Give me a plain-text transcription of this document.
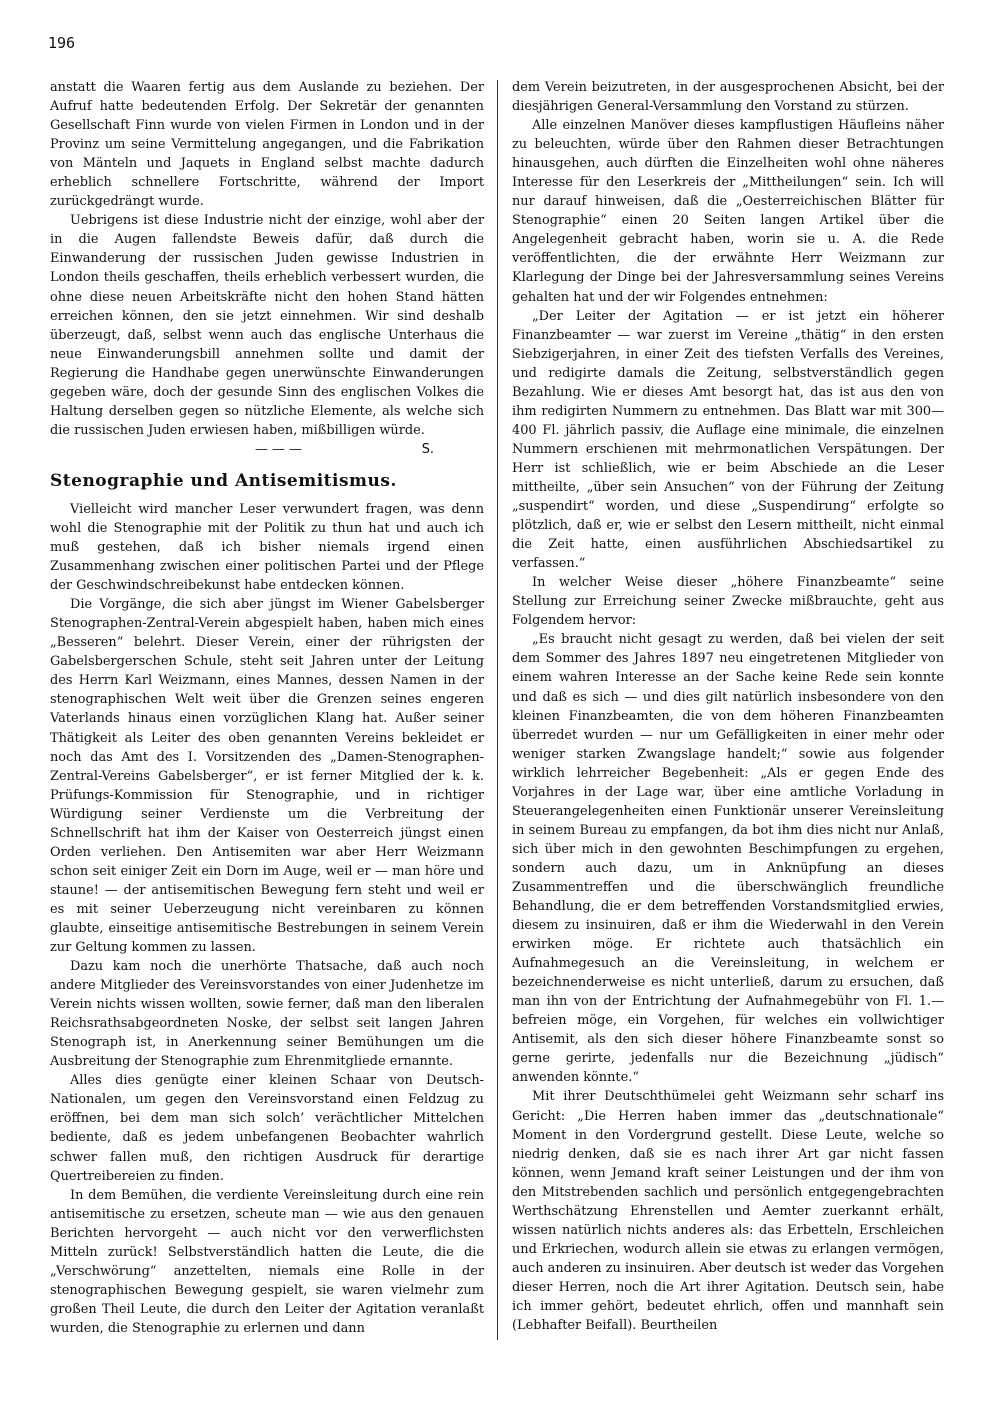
196

anstatt die Waaren fertig aus dem Auslande zu beziehen. Der Aufruf hatte bedeutenden Erfolg. Der Sekretär der genannten Gesellschaft Finn wurde von vielen Firmen in London und in der Provinz um seine Vermittelung angegangen, und die Fabrikation von Mänteln und Jaquets in England selbst machte dadurch erheblich schnellere Fortschritte, während der Import zurückgedrängt wurde.

Uebrigens ist diese Industrie nicht der einzige, wohl aber der in die Augen fallendste Beweis dafür, daß durch die Einwanderung der russischen Juden gewisse Industrien in London theils geschaffen, theils erheblich verbessert wurden, die ohne diese neuen Arbeitskräfte nicht den hohen Stand hätten erreichen können, den sie jetzt einnehmen. Wir sind deshalb überzeugt, daß, selbst wenn auch das englische Unterhaus die neue Einwanderungsbill annehmen sollte und damit der Regierung die Handhabe gegen unerwünschte Einwanderungen gegeben wäre, doch der gesunde Sinn des englischen Volkes die Haltung derselben gegen so nützliche Elemente, als welche sich die russischen Juden erwiesen haben, mißbilligen würde.

— — —	S.
Stenographie und Antisemitismus.

Vielleicht wird mancher Leser verwundert fragen, was denn wohl die Stenographie mit der Politik zu thun hat und auch ich muß gestehen, daß ich bisher niemals irgend einen Zusammenhang zwischen einer politischen Partei und der Pflege der Geschwindschreibekunst habe entdecken können.

Die Vorgänge, die sich aber jüngst im Wiener Gabelsberger Stenographen-Zentral-Verein abgespielt haben, haben mich eines „Besseren“ belehrt. Dieser Verein, einer der rührigsten der Gabelsbergerschen Schule, steht seit Jahren unter der Leitung des Herrn Karl Weizmann, eines Mannes, dessen Namen in der stenographischen Welt weit über die Grenzen seines engeren Vaterlands hinaus einen vorzüglichen Klang hat. Außer seiner Thätigkeit als Leiter des oben genannten Vereins bekleidet er noch das Amt des I. Vorsitzenden des „Damen-Stenographen-Zentral-Vereins Gabelsberger“, er ist ferner Mitglied der k. k. Prüfungs-Kommission für Stenographie, und in richtiger Würdigung seiner Verdienste um die Verbreitung der Schnellschrift hat ihm der Kaiser von Oesterreich jüngst einen Orden verliehen. Den Antisemiten war aber Herr Weizmann schon seit einiger Zeit ein Dorn im Auge, weil er — man höre und staune! — der antisemitischen Bewegung fern steht und weil er es mit seiner Ueberzeugung nicht vereinbaren zu können glaubte, einseitige antisemitische Bestrebungen in seinem Verein zur Geltung kommen zu lassen.

Dazu kam noch die unerhörte Thatsache, daß auch noch andere Mitglieder des Vereinsvorstandes von einer Judenhetze im Verein nichts wissen wollten, sowie ferner, daß man den liberalen Reichsrathsabgeordneten Noske, der selbst seit langen Jahren Stenograph ist, in Anerkennung seiner Bemühungen um die Ausbreitung der Stenographie zum Ehrenmitgliede ernannte.

Alles dies genügte einer kleinen Schaar von Deutsch-Nationalen, um gegen den Vereinsvorstand einen Feldzug zu eröffnen, bei dem man sich solch’ verächtlicher Mittelchen bediente, daß es jedem unbefangenen Beobachter wahrlich schwer fallen muß, den richtigen Ausdruck für derartige Quertreibereien zu finden.

In dem Bemühen, die verdiente Vereinsleitung durch eine rein antisemitische zu ersetzen, scheute man — wie aus den genauen Berichten hervorgeht — auch nicht vor den verwerflichsten Mitteln zurück! Selbstverständlich hatten die Leute, die die „Verschwörung“ anzettelten, niemals eine Rolle in der stenographischen Bewegung gespielt, sie waren vielmehr zum großen Theil Leute, die durch den Leiter der Agitation veranlaßt wurden, die Stenographie zu erlernen und dann

dem Verein beizutreten, in der ausgesprochenen Absicht, bei der diesjährigen General-Versammlung den Vorstand zu stürzen.

Alle einzelnen Manöver dieses kampflustigen Häufleins näher zu beleuchten, würde über den Rahmen dieser Betrachtungen hinausgehen, auch dürften die Einzelheiten wohl ohne näheres Interesse für den Leserkreis der „Mittheilungen“ sein. Ich will nur darauf hinweisen, daß die „Oesterreichischen Blätter für Stenographie“ einen 20 Seiten langen Artikel über die Angelegenheit gebracht haben, worin sie u. A. die Rede veröffentlichten, die der erwähnte Herr Weizmann zur Klarlegung der Dinge bei der Jahresversammlung seines Vereins gehalten hat und der wir Folgendes entnehmen:

„Der Leiter der Agitation — er ist jetzt ein höherer Finanzbeamter — war zuerst im Vereine „thätig“ in den ersten Siebzigerjahren, in einer Zeit des tiefsten Verfalls des Vereines, und redigirte damals die Zeitung, selbstverständlich gegen Bezahlung. Wie er dieses Amt besorgt hat, das ist aus den von ihm redigirten Nummern zu entnehmen. Das Blatt war mit 300—400 Fl. jährlich passiv, die Auflage eine minimale, die einzelnen Nummern erschienen mit mehrmonatlichen Verspätungen. Der Herr ist schließlich, wie er beim Abschiede an die Leser mittheilte, „über sein Ansuchen“ von der Führung der Zeitung „suspendirt“ worden, und diese „Suspendirung“ erfolgte so plötzlich, daß er, wie er selbst den Lesern mittheilt, nicht einmal die Zeit hatte, einen ausführlichen Abschiedsartikel zu verfassen.“

In welcher Weise dieser „höhere Finanzbeamte“ seine Stellung zur Erreichung seiner Zwecke mißbrauchte, geht aus Folgendem hervor:

„Es braucht nicht gesagt zu werden, daß bei vielen der seit dem Sommer des Jahres 1897 neu eingetretenen Mitglieder von einem wahren Interesse an der Sache keine Rede sein konnte und daß es sich — und dies gilt natürlich insbesondere von den kleinen Finanzbeamten, die von dem höheren Finanzbeamten überredet wurden — nur um Gefälligkeiten in einer mehr oder weniger starken Zwangslage handelt;“ sowie aus folgender wirklich lehrreicher Begebenheit: „Als er gegen Ende des Vorjahres in der Lage war, über eine amtliche Vorladung in Steuerangelegenheiten einen Funktionär unserer Vereinsleitung in seinem Bureau zu empfangen, da bot ihm dies nicht nur Anlaß, sich über mich in den gewohnten Beschimpfungen zu ergehen, sondern auch dazu, um in Anknüpfung an dieses Zusammentreffen und die überschwänglich freundliche Behandlung, die er dem betreffenden Vorstandsmitglied erwies, diesem zu insinuiren, daß er ihm die Wiederwahl in den Verein erwirken möge. Er richtete auch thatsächlich ein Aufnahmegesuch an die Vereinsleitung, in welchem er bezeichnenderweise es nicht unterließ, darum zu ersuchen, daß man ihn von der Entrichtung der Aufnahmegebühr von Fl. 1.— befreien möge, ein Vorgehen, für welches ein vollwichtiger Antisemit, als den sich dieser höhere Finanzbeamte sonst so gerne gerirte, jedenfalls nur die Bezeichnung „jüdisch“ anwenden könnte.“

Mit ihrer Deutschthümelei geht Weizmann sehr scharf ins Gericht: „Die Herren haben immer das „deutschnationale“ Moment in den Vordergrund gestellt. Diese Leute, welche so niedrig denken, daß sie es nach ihrer Art gar nicht fassen können, wenn Jemand kraft seiner Leistungen und der ihm von den Mitstrebenden sachlich und persönlich entgegengebrachten Werthschätzung Ehrenstellen und Aemter zuerkannt erhält, wissen natürlich nichts anderes als: das Erbetteln, Erschleichen und Erkriechen, wodurch allein sie etwas zu erlangen vermögen, auch anderen zu insinuiren. Aber deutsch ist weder das Vorgehen dieser Herren, noch die Art ihrer Agitation. Deutsch sein, habe ich immer gehört, bedeutet ehrlich, offen und mannhaft sein (Lebhafter Beifall). Beurtheilen
